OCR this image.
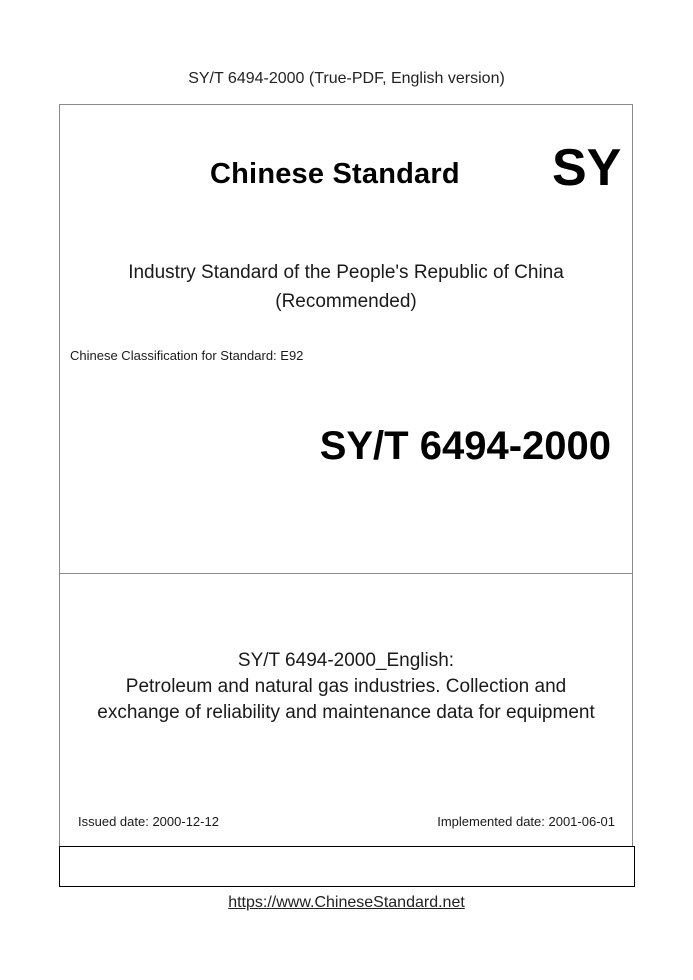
SY/T 6494-2000 (True-PDF, English version)
Chinese Standard SY
Industry Standard of the People's Republic of China
(Recommended)
Chinese Classification for Standard: E92
SY/T 6494-2000
SY/T 6494-2000_English:
Petroleum and natural gas industries. Collection and
exchange of reliability and maintenance data for equipment
Issued date: 2000-12-12	Implemented date: 2001-06-01
https://www.ChineseStandard.net
